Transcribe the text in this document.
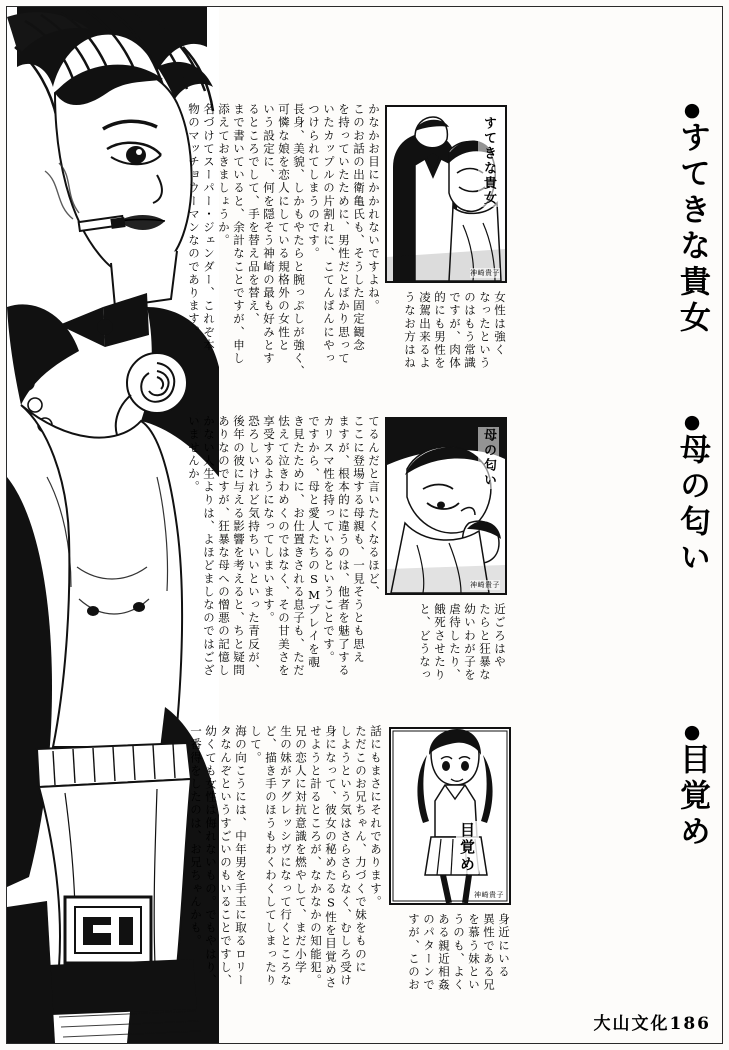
●すてきな貴女
すてきな貴女
神崎貴子
女性は強く
なったという
のはもう常識
ですが、肉体
的にも男性を
凌駕出来るよ
うなお方はね
かなかお目にかかれないですよね。
このお話の出衛亀氏も、そうした固定観念
を持っていたために、男性だとばかり思って
いたカップルの片割れに、こてんぱんにやっ
つけられてしまうのです。
長身、美貌、しかもやたらと腕っぷしが強く、
可憐な娘を恋人にしている規格外の女性と
いう設定に、何を隠そう神崎の最も好みとす
るところでして、手を替え品を替え、
まで書いていると、余計なことですが、申し
添えておきましょうか。
名づけてスーパー・ジェンダー、これぞ本
物のマッチョウーマンなのであります。
●母の匂い
母の匂い
神崎貴子
近ごろはや
たらと狂暴な
幼いわが子を
虐待したり、
餓死させたり
と、どうなっ
てるんだと言いたくなるほど、
ここに登場する母親も、一見そうとも思え
ますが、根本的に違うのは、他者を魅了する
カリスマ性を持っているということです。
ですから、母と愛人たちのSMプレイを覗
き見たために、お仕置きされる息子も、ただ
怯えて泣きわめくのではなく、その甘美さを
享受するようになってしまいます。
恐ろしいけれど気持ちいいといった青反が、
後年の彼に与える影響を考えると、ちと疑問
ありなのですが、狂暴な母への憎悪の記憶し
かない人生よりは、よほどましなのではござ
いませんか。
●目覚め
目覚め
神崎貴子
身近にいる
異性である兄
を慕う妹とい
うのも、よく
ある親近相姦
のパターンで
すが、このお
話にもまさにそれであります。
ただこのお兄ちゃん、力づくで妹をものに
しようという気はさらさらなく、むしろ受け
身になって、彼女の秘めたるS性を目覚めさ
せようと計るところが、なかなかの知能犯。
兄の恋人に対抗意識を燃やして、まだ小学
生の妹がアグレッシヴになって行くところな
ど、描き手のほうもわくわくしてしまったり
して。
海の向こうには、中年男を手玉に取るロリー
タなんぞというすごいのもいることですし、
幼くても女性は侮れないもの。でもやはり、
一番得をしたのは、お兄ちゃんかも。
大山文化186
